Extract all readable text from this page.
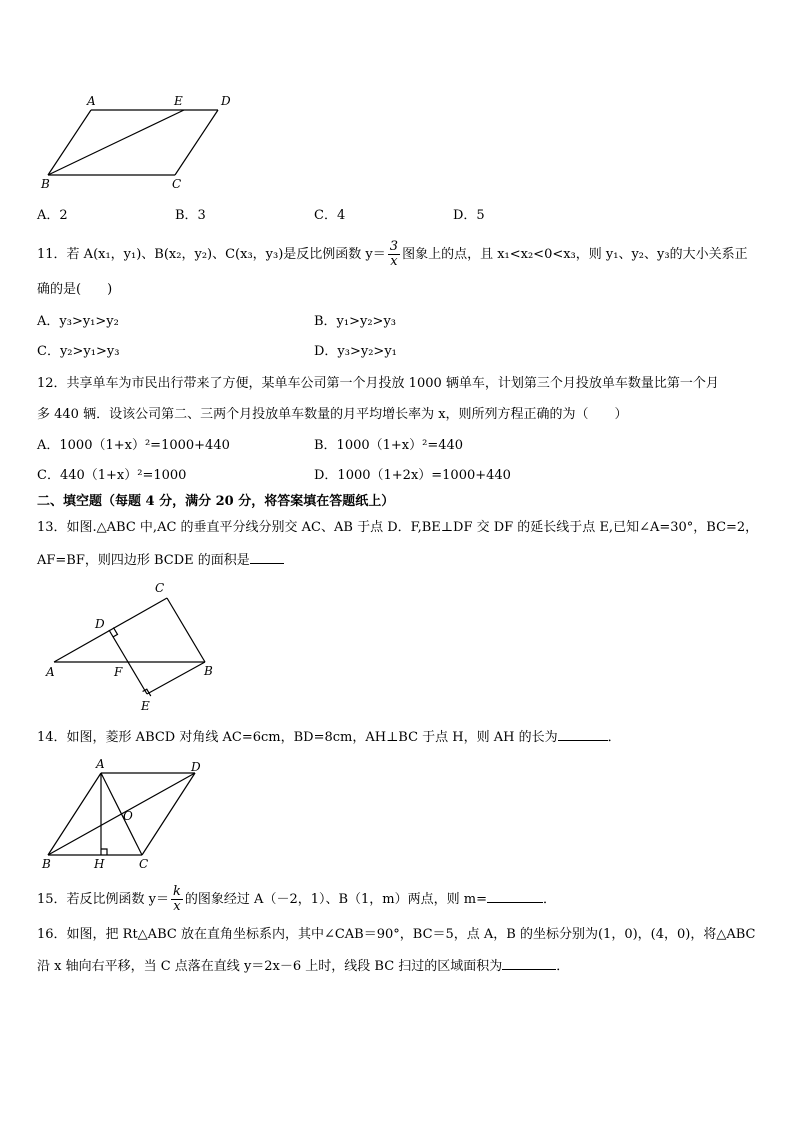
A	E	D
B	C
A．2	B．3	C．4	D．5
11．若 A(x₁，y₁)、B(x₂，y₂)、C(x₃，y₃)是反比例函数 $y= \frac{3}{x}$ 图象上的点，且 x₁<x₂<0<x₃，则 y₁、y₂、y₃的大小关系正
确的是(　　)
A．y₃>y₁>y₂	B．y₁>y₂>y₃
C．y₂>y₁>y₃	D．y₃>y₂>y₁
12．共享单车为市民出行带来了方便，某单车公司第一个月投放 1000 辆单车，计划第三个月投放单车数量比第一个月
多 440 辆．设该公司第二、三两个月投放单车数量的月平均增长率为 x，则所列方程正确的为（　　）
A．1000（1+x）²=1000+440	B．1000（1+x）²=440
C．440（1+x）²=1000	D．1000（1+2x）=1000+440
二、填空题（每题 4 分，满分 20 分，将答案填在答题纸上）
13．如图.△ABC 中,AC 的垂直平分线分别交 AC、AB 于点 D．F,BE⊥DF 交 DF 的延长线于点 E,已知∠A=30°，BC=2，
AF=BF，则四边形 BCDE 的面积是
C
D
A	F	B
E
14．如图，菱形 ABCD 对角线 AC=6cm，BD=8cm，AH⊥BC 于点 H，则 AH 的长为	．
A	D
O
B	H	C
15．若反比例函数 $y= \frac{k}{x}$ 的图象经过 A（－2，1）、B（1，m）两点，则 m=	．
16．如图，把 Rt△ABC 放在直角坐标系内，其中∠CAB＝90°，BC＝5，点 A，B 的坐标分别为(1，0)，(4，0)，将△ABC
沿 x 轴向右平移，当 C 点落在直线 y＝2x－6 上时，线段 BC 扫过的区域面积为	．
